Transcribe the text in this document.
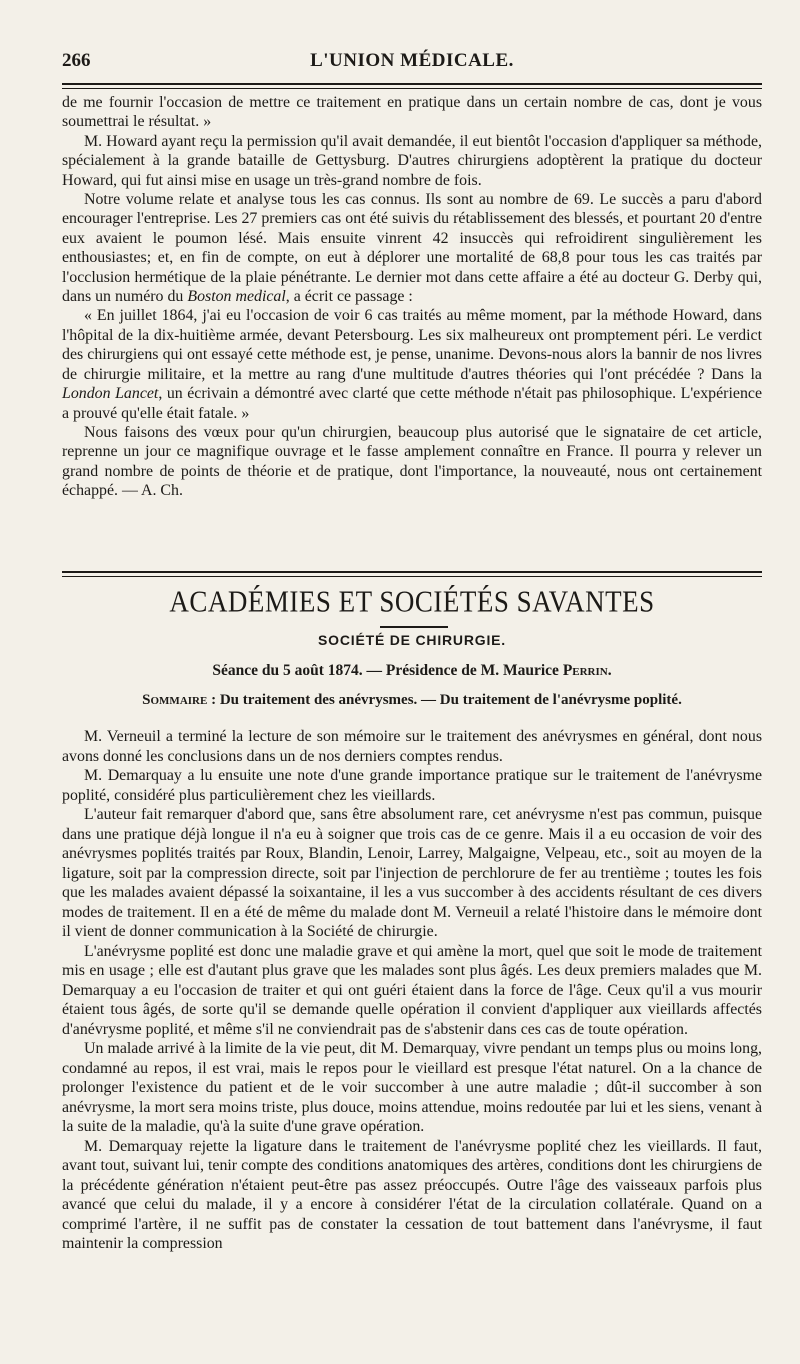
266	L'UNION MÉDICALE.

de me fournir l'occasion de mettre ce traitement en pratique dans un certain nombre de cas, dont je vous soumettrai le résultat. »

M. Howard ayant reçu la permission qu'il avait demandée, il eut bientôt l'occasion d'appliquer sa méthode, spécialement à la grande bataille de Gettysburg. D'autres chirurgiens adoptèrent la pratique du docteur Howard, qui fut ainsi mise en usage un très-grand nombre de fois.

Notre volume relate et analyse tous les cas connus. Ils sont au nombre de 69. Le succès a paru d'abord encourager l'entreprise. Les 27 premiers cas ont été suivis du rétablissement des blessés, et pourtant 20 d'entre eux avaient le poumon lésé. Mais ensuite vinrent 42 insuccès qui refroidirent singulièrement les enthousiastes; et, en fin de compte, on eut à déplorer une mortalité de 68,8 pour tous les cas traités par l'occlusion hermétique de la plaie pénétrante. Le dernier mot dans cette affaire a été au docteur G. Derby qui, dans un numéro du Boston medical, a écrit ce passage :

« En juillet 1864, j'ai eu l'occasion de voir 6 cas traités au même moment, par la méthode Howard, dans l'hôpital de la dix-huitième armée, devant Petersbourg. Les six malheureux ont promptement péri. Le verdict des chirurgiens qui ont essayé cette méthode est, je pense, unanime. Devons-nous alors la bannir de nos livres de chirurgie militaire, et la mettre au rang d'une multitude d'autres théories qui l'ont précédée ? Dans la London Lancet, un écrivain a démontré avec clarté que cette méthode n'était pas philosophique. L'expérience a prouvé qu'elle était fatale. »

Nous faisons des vœux pour qu'un chirurgien, beaucoup plus autorisé que le signataire de cet article, reprenne un jour ce magnifique ouvrage et le fasse amplement connaître en France. Il pourra y relever un grand nombre de points de théorie et de pratique, dont l'importance, la nouveauté, nous ont certainement échappé. — A. Ch.

ACADÉMIES ET SOCIÉTÉS SAVANTES
SOCIÉTÉ DE CHIRURGIE.
Séance du 5 août 1874. — Présidence de M. Maurice Perrin.
Sommaire : Du traitement des anévrysmes. — Du traitement de l'anévrysme poplité.

M. Verneuil a terminé la lecture de son mémoire sur le traitement des anévrysmes en général, dont nous avons donné les conclusions dans un de nos derniers comptes rendus.

M. Demarquay a lu ensuite une note d'une grande importance pratique sur le traitement de l'anévrysme poplité, considéré plus particulièrement chez les vieillards.

L'auteur fait remarquer d'abord que, sans être absolument rare, cet anévrysme n'est pas commun, puisque dans une pratique déjà longue il n'a eu à soigner que trois cas de ce genre. Mais il a eu occasion de voir des anévrysmes poplités traités par Roux, Blandin, Lenoir, Larrey, Malgaigne, Velpeau, etc., soit au moyen de la ligature, soit par la compression directe, soit par l'injection de perchlorure de fer au trentième ; toutes les fois que les malades avaient dépassé la soixantaine, il les a vus succomber à des accidents résultant de ces divers modes de traitement. Il en a été de même du malade dont M. Verneuil a relaté l'histoire dans le mémoire dont il vient de donner communication à la Société de chirurgie.

L'anévrysme poplité est donc une maladie grave et qui amène la mort, quel que soit le mode de traitement mis en usage ; elle est d'autant plus grave que les malades sont plus âgés. Les deux premiers malades que M. Demarquay a eu l'occasion de traiter et qui ont guéri étaient dans la force de l'âge. Ceux qu'il a vus mourir étaient tous âgés, de sorte qu'il se demande quelle opération il convient d'appliquer aux vieillards affectés d'anévrysme poplité, et même s'il ne conviendrait pas de s'abstenir dans ces cas de toute opération.

Un malade arrivé à la limite de la vie peut, dit M. Demarquay, vivre pendant un temps plus ou moins long, condamné au repos, il est vrai, mais le repos pour le vieillard est presque l'état naturel. On a la chance de prolonger l'existence du patient et de le voir succomber à une autre maladie ; dût-il succomber à son anévrysme, la mort sera moins triste, plus douce, moins attendue, moins redoutée par lui et les siens, venant à la suite de la maladie, qu'à la suite d'une grave opération.

M. Demarquay rejette la ligature dans le traitement de l'anévrysme poplité chez les vieillards. Il faut, avant tout, suivant lui, tenir compte des conditions anatomiques des artères, conditions dont les chirurgiens de la précédente génération n'étaient peut-être pas assez préoccupés. Outre l'âge des vaisseaux parfois plus avancé que celui du malade, il y a encore à considérer l'état de la circulation collatérale. Quand on a comprimé l'artère, il ne suffit pas de constater la cessation de tout battement dans l'anévrysme, il faut maintenir la compression
